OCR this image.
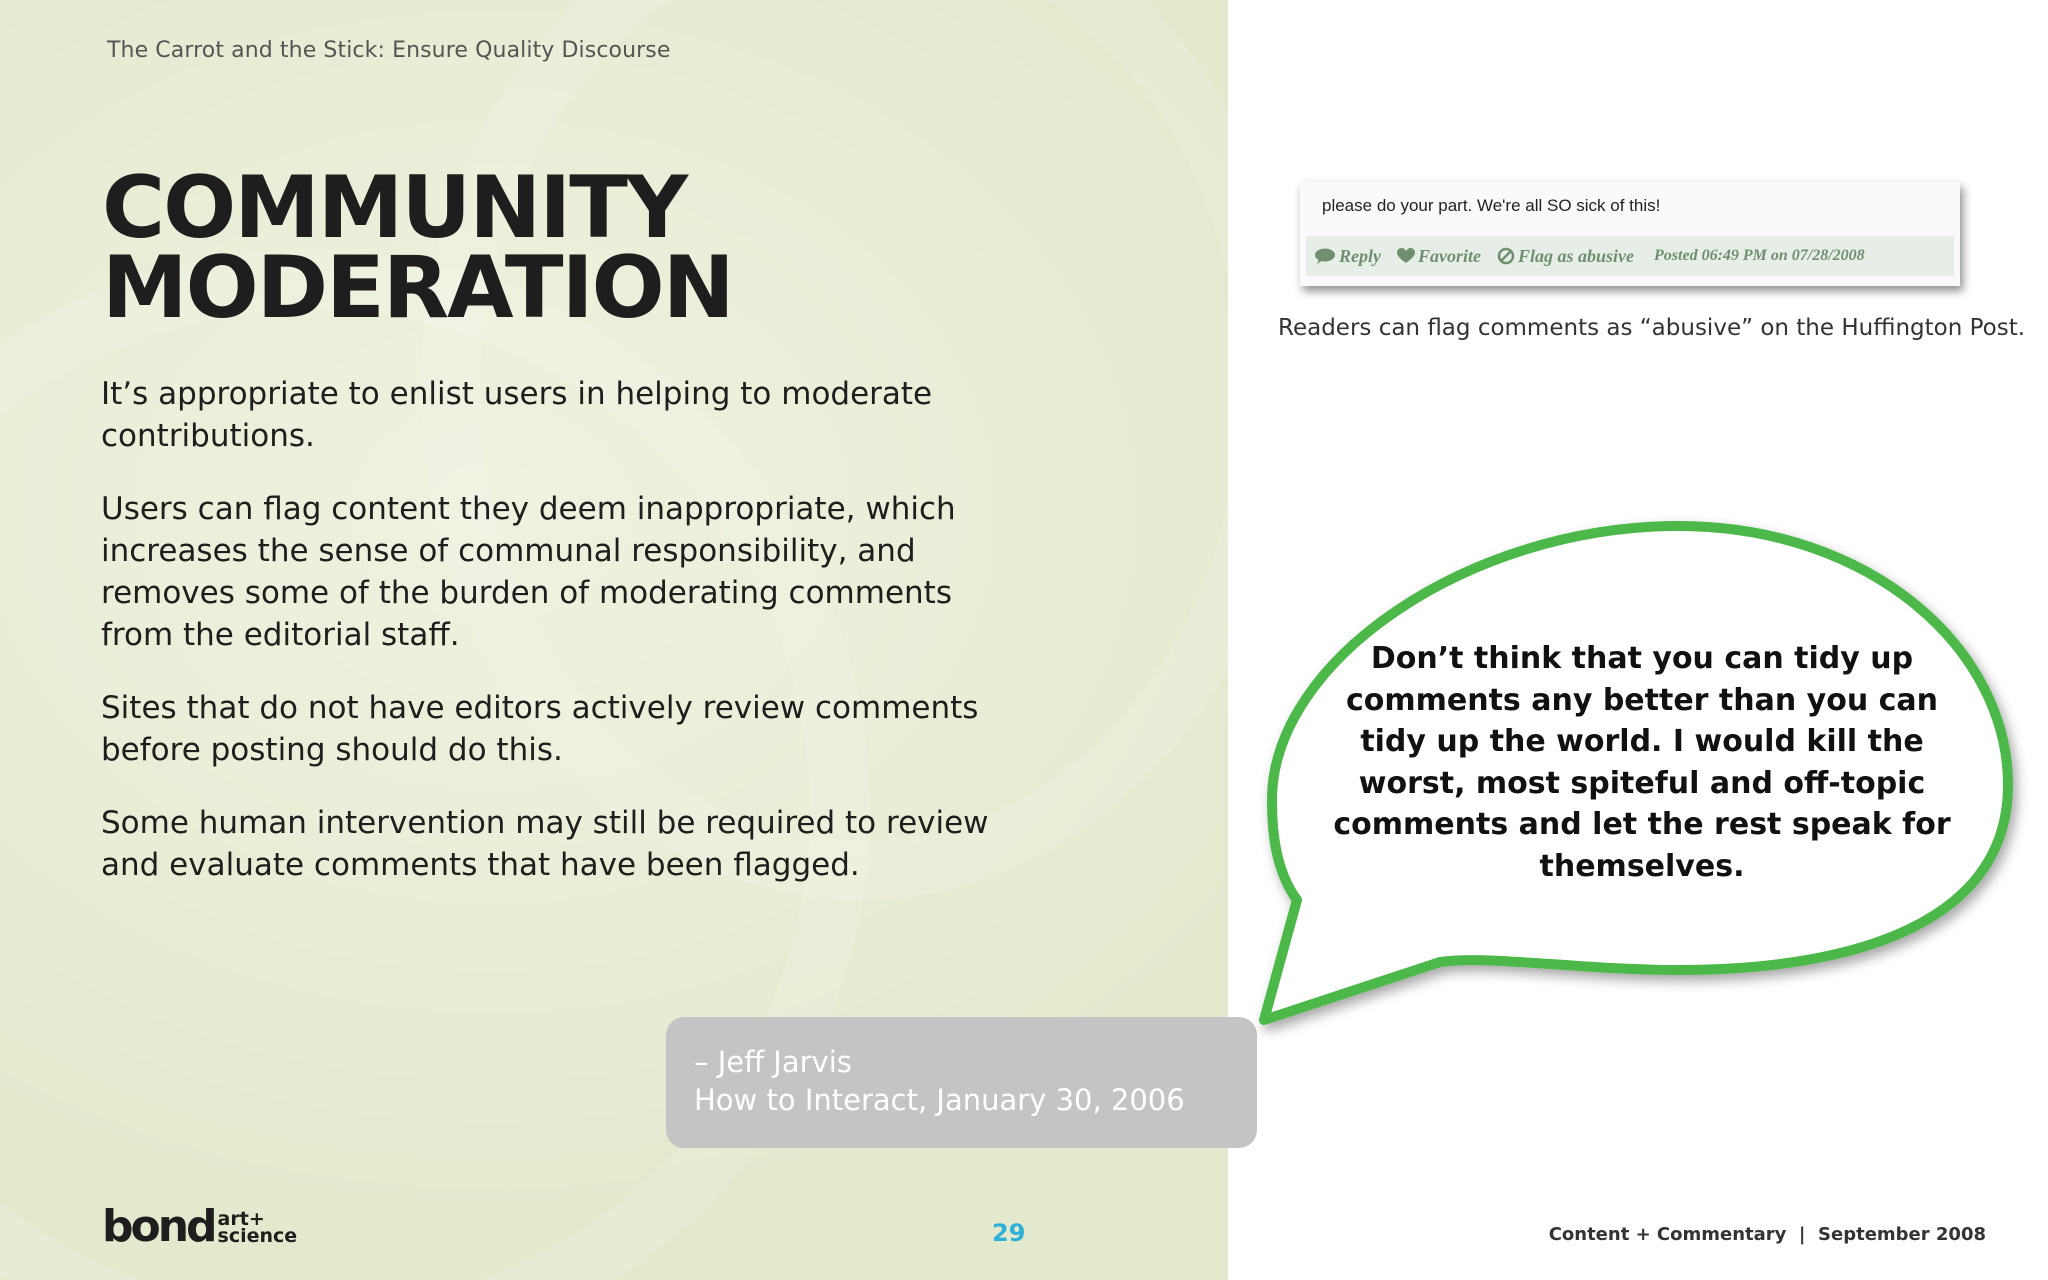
The Carrot and the Stick: Ensure Quality Discourse
COMMUNITY
MODERATION

It’s appropriate to enlist users in helping to moderate contributions.

Users can flag content they deem inappropriate, which increases the sense of communal responsibility, and removes some of the burden of moderating comments from the editorial staff.

Sites that do not have editors actively review comments before posting should do this.

Some human intervention may still be required to review and evaluate comments that have been flagged.

– Jeff Jarvis
How to Interact, January 30, 2006
please do your part. We're all SO sick of this!
Reply Favorite Flag as abusive Posted 06:49 PM on 07/28/2008
Readers can flag comments as “abusive” on the Huffington Post.
Don’t think that you can tidy up comments any better than you can tidy up the world. I would kill the worst, most spiteful and off-topic comments and let the rest speak for themselves.
bond art+
science	29	Content + Commentary  |  September 2008
